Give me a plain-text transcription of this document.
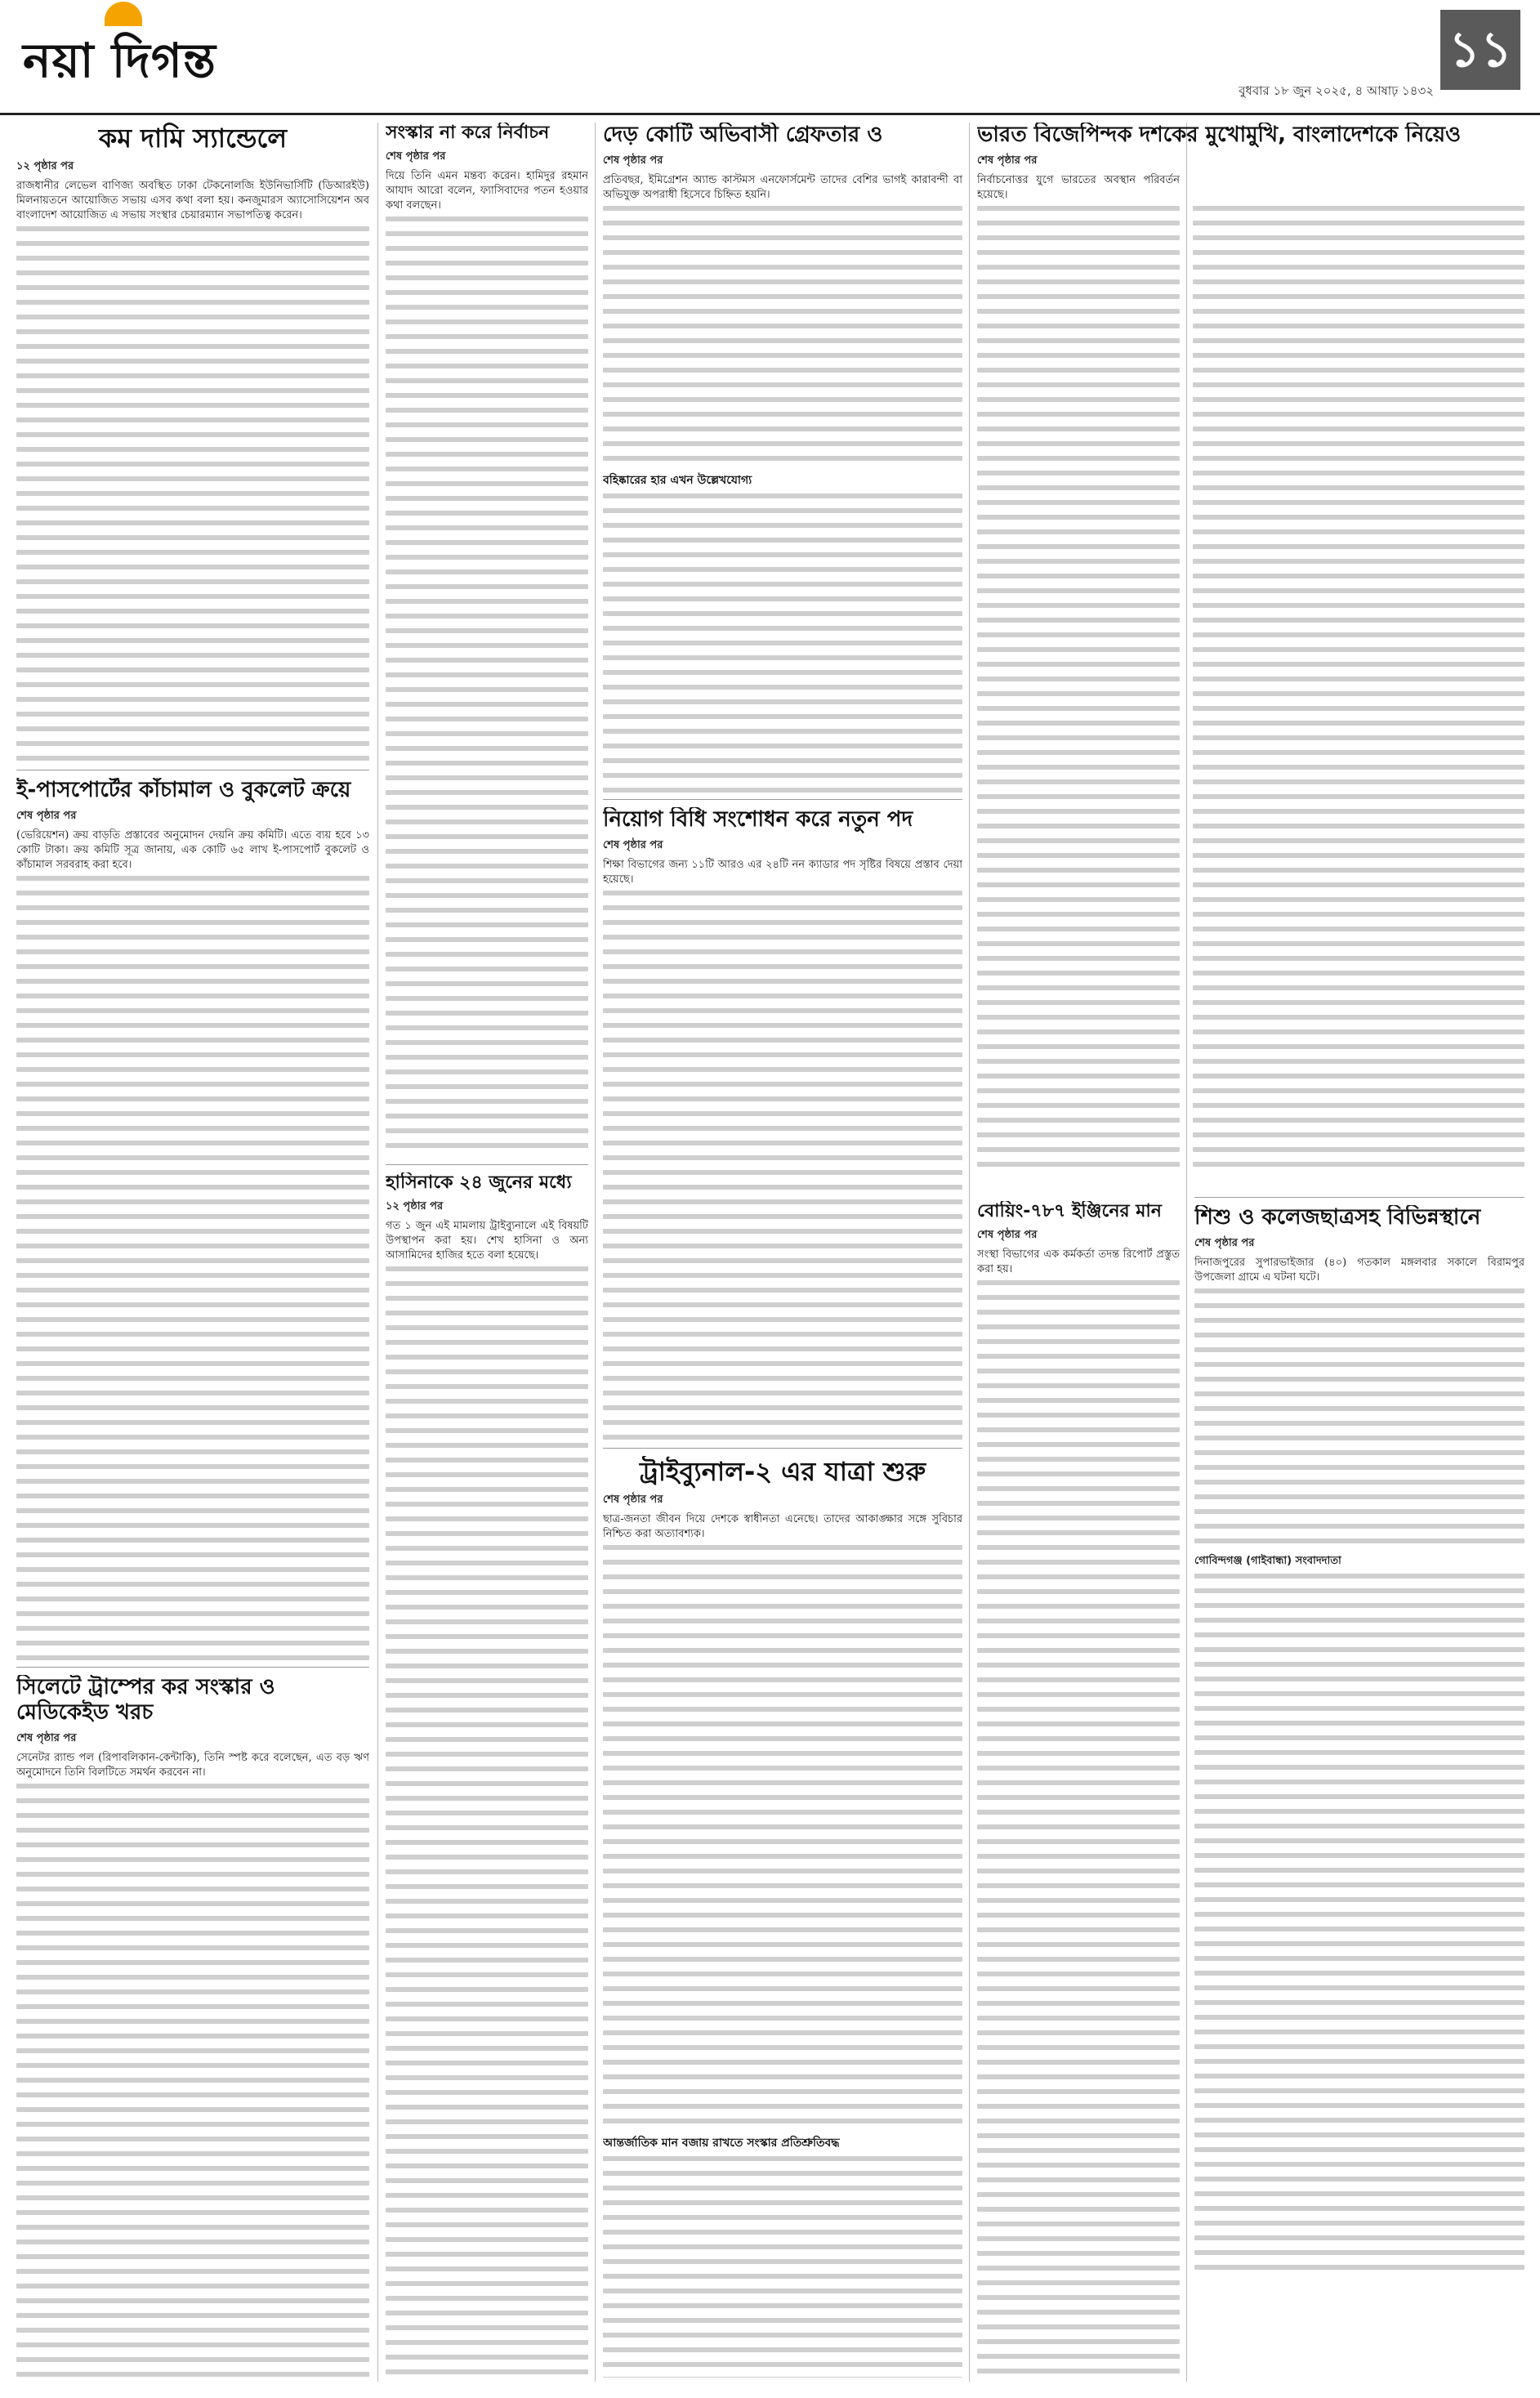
নয়া দিগন্ত
বুধবার ১৮ জুন ২০২৫, ৪ আষাঢ় ১৪৩২
১১
কম দামি স্যান্ডেলে
১২ পৃষ্ঠার পর
রাজধানীর লেভেল বাণিজ্য অবস্থিত ঢাকা টেকনোলজি ইউনিভার্সিটি (ডিআরইউ) মিলনায়তনে আয়োজিত সভায় এসব কথা বলা হয়। কনজুমারস অ্যাসোসিয়েশন অব বাংলাদেশ আয়োজিত এ সভায় সংস্থার চেয়ারম্যান সভাপতিত্ব করেন।
ই-পাসপোর্টের কাঁচামাল ও বুকলেট ক্রয়ে
শেষ পৃষ্ঠার পর
(ভেরিয়েশন) ক্রয় বাড়তি প্রস্তাবের অনুমোদন দেয়নি ক্রয় কমিটি। এতে ব্যয় হবে ১৩ কোটি টাকা। ক্রয় কমিটি সূত্র জানায়, এক কোটি ৬৫ লাখ ই-পাসপোর্ট বুকলেট ও কাঁচামাল সরবরাহ করা হবে।
সিলেটে ট্রাম্পের কর সংস্কার ও মেডিকেইড খরচ
শেষ পৃষ্ঠার পর
সেনেটর র‌্যান্ড পল (রিপাবলিকান-কেন্টাকি), তিনি স্পষ্ট করে বলেছেন, এত বড় ঋণ অনুমোদনে তিনি বিলটিতে সমর্থন করবেন না।
সংস্কার না করে নির্বাচন
শেষ পৃষ্ঠার পর
দিয়ে তিনি এমন মন্তব্য করেন। হামিদুর রহমান আযাদ আরো বলেন, ফ্যাসিবাদের পতন হওয়ার কথা বলছেন।
হাসিনাকে ২৪ জুনের মধ্যে
১২ পৃষ্ঠার পর
গত ১ জুন এই মামলায় ট্রাইব্যুনালে এই বিষয়টি উপস্থাপন করা হয়। শেখ হাসিনা ও অন্য আসামিদের হাজির হতে বলা হয়েছে।
দেড় কোটি অভিবাসী গ্রেফতার ও
শেষ পৃষ্ঠার পর
প্রতিবছর, ইমিগ্রেশন অ্যান্ড কাস্টমস এনফোর্সমেন্ট তাদের বেশির ভাগই কারাবন্দী বা অভিযুক্ত অপরাধী হিসেবে চিহ্নিত হয়নি।
বহিষ্কারের হার এখন উল্লেখযোগ্য
নিয়োগ বিধি সংশোধন করে নতুন পদ
শেষ পৃষ্ঠার পর
শিক্ষা বিভাগের জন্য ১১টি আরও এর ২৪টি নন ক্যাডার পদ সৃষ্টির বিষয়ে প্রস্তাব দেয়া হয়েছে।
ট্রাইব্যুনাল-২ এর যাত্রা শুরু
শেষ পৃষ্ঠার পর
ছাত্র-জনতা জীবন দিয়ে দেশকে স্বাধীনতা এনেছে। তাদের আকাঙ্ক্ষার সঙ্গে সুবিচার নিশ্চিত করা অত্যাবশ্যক।
আন্তর্জাতিক মান বজায় রাখতে সংস্কার প্রতিশ্রুতিবদ্ধ
ভারত বিজেপিন্দক দশকের মুখোমুখি, বাংলাদেশকে নিয়েও
শেষ পৃষ্ঠার পর
নির্বাচনোত্তর যুগে ভারতের অবস্থান পরিবর্তন হয়েছে।
বোয়িং-৭৮৭ ইঞ্জিনের মান
শেষ পৃষ্ঠার পর
সংস্থা বিভাগের এক কর্মকর্তা তদন্ত রিপোর্ট প্রস্তুত করা হয়।
শিশু ও কলেজছাত্রসহ বিভিন্নস্থানে
শেষ পৃষ্ঠার পর
দিনাজপুরের সুপারভাইজার (৪০) গতকাল মঙ্গলবার সকালে বিরামপুর উপজেলা গ্রামে এ ঘটনা ঘটে।
গোবিন্দগঞ্জ (গাইবান্ধা) সংবাদদাতা
